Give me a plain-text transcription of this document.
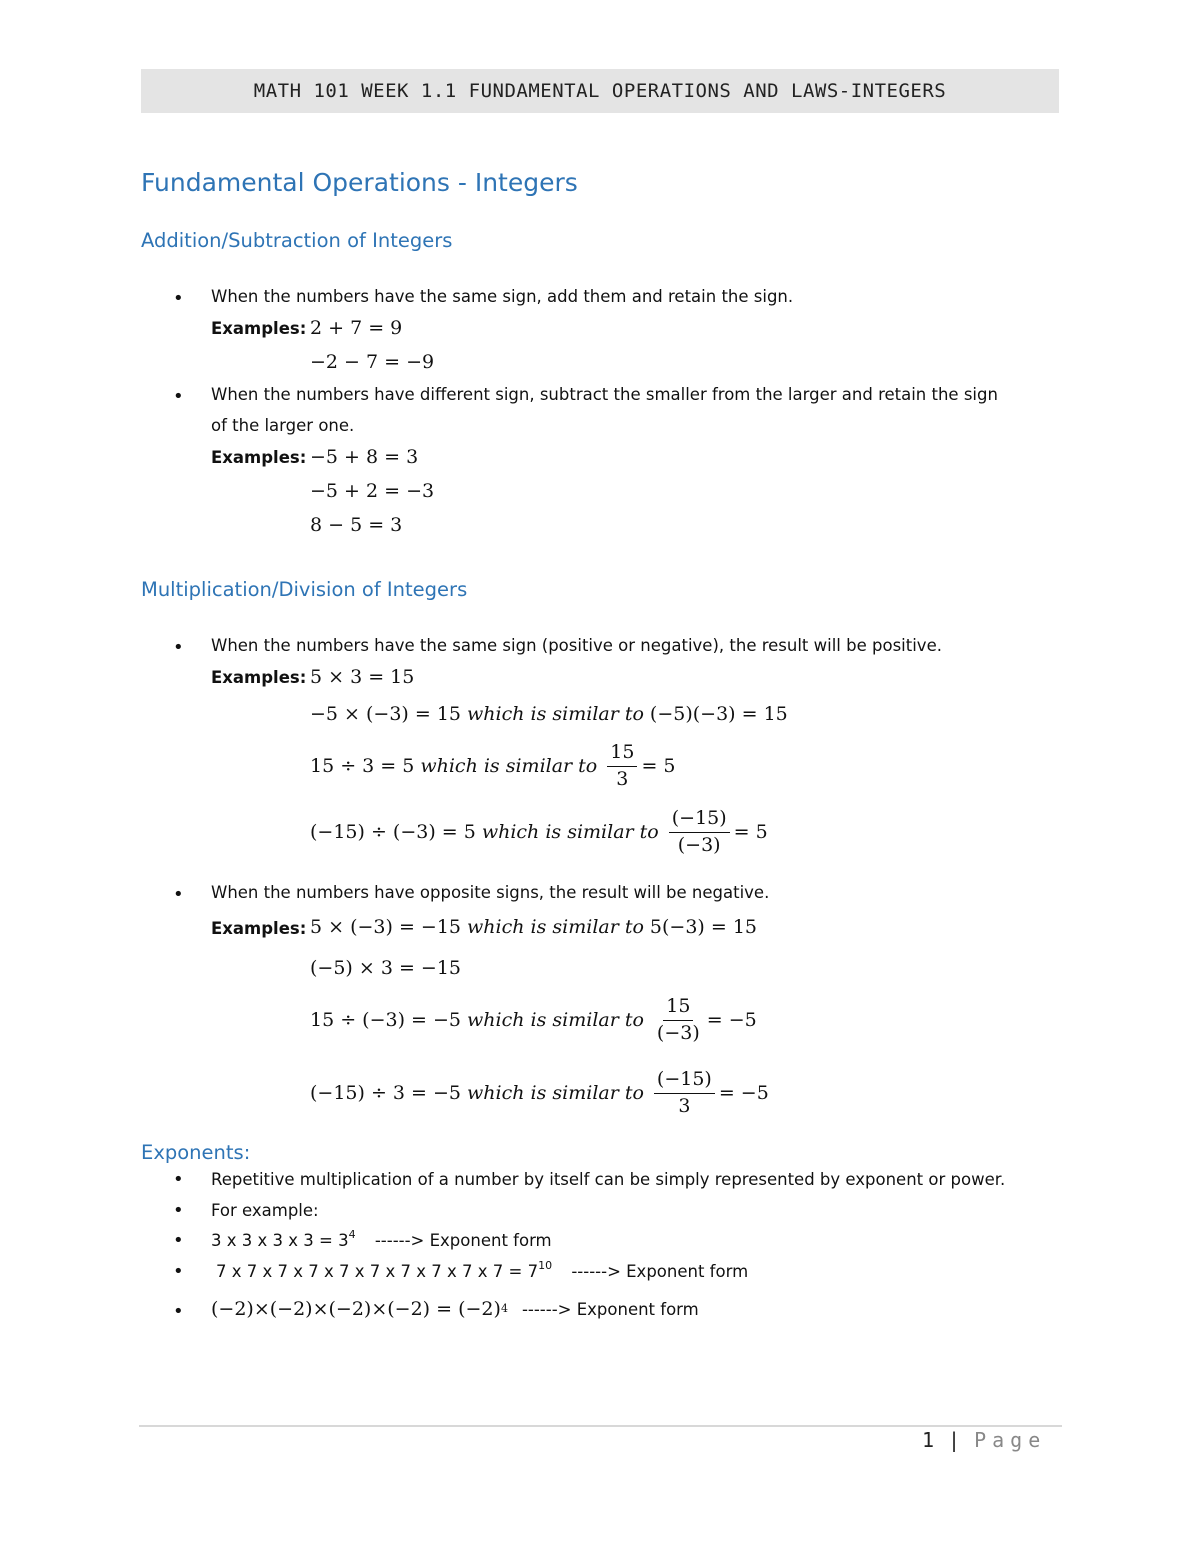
MATH 101 WEEK 1.1 FUNDAMENTAL OPERATIONS AND LAWS-INTEGERS
Fundamental Operations - Integers
Addition/Subtraction of Integers
• When the numbers have the same sign, add them and retain the sign.
Examples: 2 + 7 = 9
−2 − 7 = −9
• When the numbers have different sign, subtract the smaller from the larger and retain the sign
of the larger one.
Examples: −5 + 8 = 3
−5 + 2 = −3
8 − 5 = 3
Multiplication/Division of Integers
• When the numbers have the same sign (positive or negative), the result will be positive.
Examples: 5 × 3 = 15
−5 × (−3) = 15 which is similar to (−5)(−3) = 15
15 ÷ 3 = 5 which is similar to $\frac{15}{3} = 5$
(−15) ÷ (−3) = 5 which is similar to $\frac{(-15)}{(-3)} = 5$
• When the numbers have opposite signs, the result will be negative.
Examples: 5 × (−3) = −15 which is similar to 5(−3) = 15
(−5) × 3 = −15
15 ÷ (−3) = −5 which is similar to $\frac{15}{(-3)} = -5$
(−15) ÷ 3 = −5 which is similar to $\frac{(-15)}{3} = -5$
Exponents:
• Repetitive multiplication of a number by itself can be simply represented by exponent or power.
• For example:
• 3 x 3 x 3 x $3 = 3^4$ ------> Exponent form
• 7 x 7 x 7 x 7 x 7 x 7 x 7 x 7 x 7 x $7 = 7^{10}$ ------> Exponent form
• (−2)×(−2)×(−2)×(−2) = (−2) 4 ------> Exponent form
1 | Page
